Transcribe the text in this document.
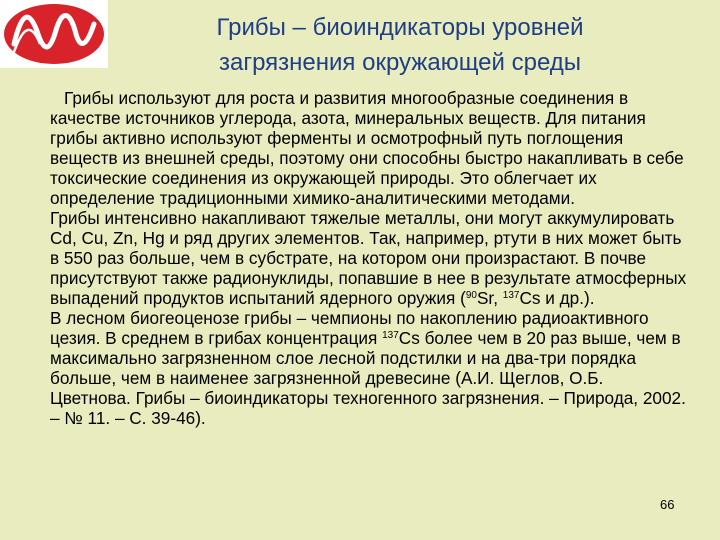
Грибы – биоиндикаторы уровней
загрязнения окружающей среды

Грибы используют для роста и развития многообразные соединения в качестве источников углерода, азота, минеральных веществ. Для питания грибы активно используют ферменты и осмотрофный путь поглощения веществ из внешней среды, поэтому они способны быстро накапливать в себе токсические соединения из окружающей природы. Это облегчает их определение традиционными химико-аналитическими методами.

Грибы интенсивно накапливают тяжелые металлы, они могут аккумулировать Cd, Cu, Zn, Hg и ряд других элементов. Так, например, ртути в них может быть в 550 раз больше, чем в субстрате, на котором они произрастают. В почве присутствуют также радионуклиды, попавшие в нее в результате атмосферных выпадений продуктов испытаний ядерного оружия ($^{90}$Sr, $^{137}$Cs и др.).

В лесном биогеоценозе грибы – чемпионы по накоплению радиоактивного цезия. В среднем в грибах концентрация $^{137}$Cs более чем в 20 раз выше, чем в максимально загрязненном слое лесной подстилки и на два-три порядка больше, чем в наименее загрязненной древесине (А.И. Щеглов, О.Б. Цветнова. Грибы – биоиндикаторы техногенного загрязнения. – Природа, 2002. – № 11. – С. 39-46).

66
